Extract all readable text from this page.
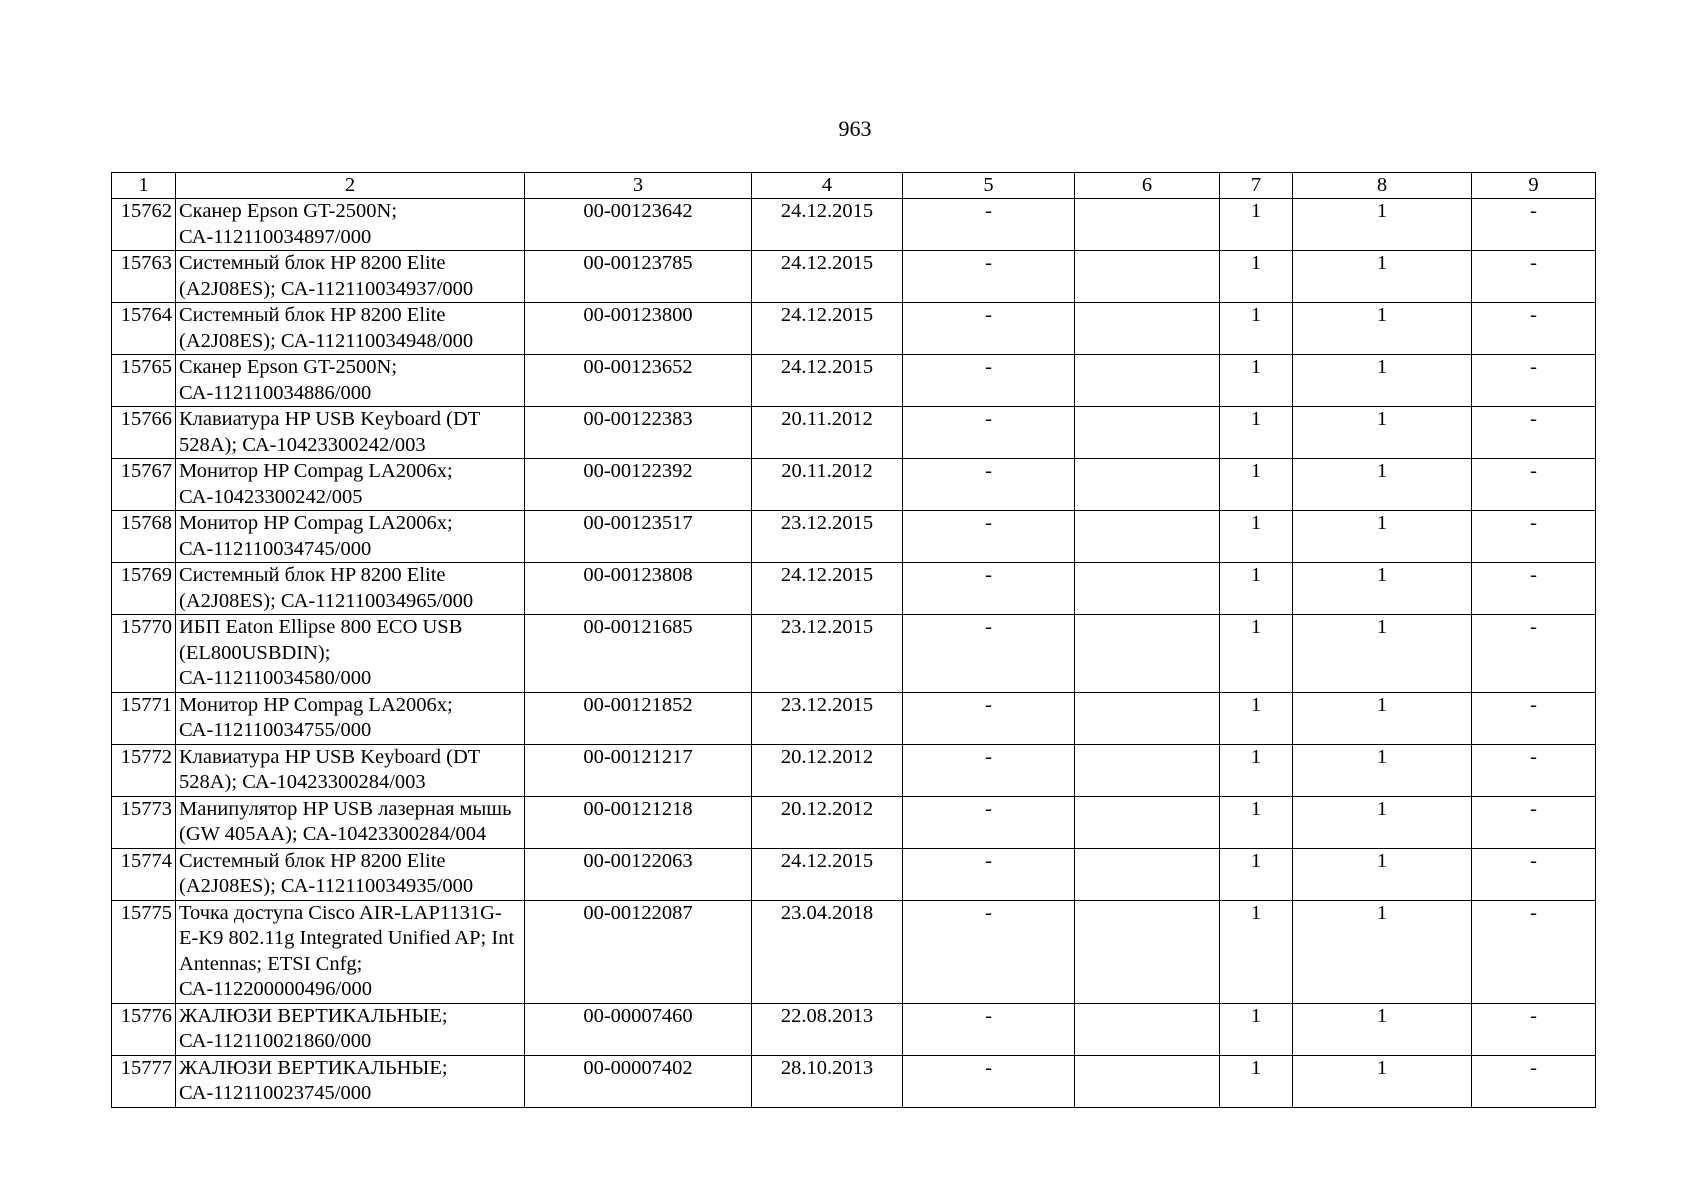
963
1	2	3	4	5	6	7	8	9
15762	Сканер Epson GT-2500N; СА-112110034897/000	00-00123642	24.12.2015	-		1	1	-
15763	Системный блок HP 8200 Elite (A2J08ES); СА-112110034937/000	00-00123785	24.12.2015	-		1	1	-
15764	Системный блок HP 8200 Elite (A2J08ES); СА-112110034948/000	00-00123800	24.12.2015	-		1	1	-
15765	Сканер Epson GT-2500N; СА-112110034886/000	00-00123652	24.12.2015	-		1	1	-
15766	Клавиатура HP USB Keyboard (DT 528A); СА-10423300242/003	00-00122383	20.11.2012	-		1	1	-
15767	Монитор HP Compag LA2006x; СА-10423300242/005	00-00122392	20.11.2012	-		1	1	-
15768	Монитор HP Compag LA2006x; СА-112110034745/000	00-00123517	23.12.2015	-		1	1	-
15769	Системный блок HP 8200 Elite (A2J08ES); СА-112110034965/000	00-00123808	24.12.2015	-		1	1	-
15770	ИБП Eaton Ellipse 800 ECO USB (EL800USBDIN); СА-112110034580/000	00-00121685	23.12.2015	-		1	1	-
15771	Монитор HP Compag LA2006x; СА-112110034755/000	00-00121852	23.12.2015	-		1	1	-
15772	Клавиатура HP USB Keyboard (DT 528A); СА-10423300284/003	00-00121217	20.12.2012	-		1	1	-
15773	Манипулятор HP USB лазерная мышь (GW 405AA); СА-10423300284/004	00-00121218	20.12.2012	-		1	1	-
15774	Системный блок HP 8200 Elite (A2J08ES); СА-112110034935/000	00-00122063	24.12.2015	-		1	1	-
15775	Точка доступа Cisco AIR-LAP1131G-E-K9 802.11g Integrated Unified AP; Int Antennas; ETSI Cnfg; СА-112200000496/000	00-00122087	23.04.2018	-		1	1	-
15776	ЖАЛЮЗИ ВЕРТИКАЛЬНЫЕ; СА-112110021860/000	00-00007460	22.08.2013	-		1	1	-
15777	ЖАЛЮЗИ ВЕРТИКАЛЬНЫЕ; СА-112110023745/000	00-00007402	28.10.2013	-		1	1	-
